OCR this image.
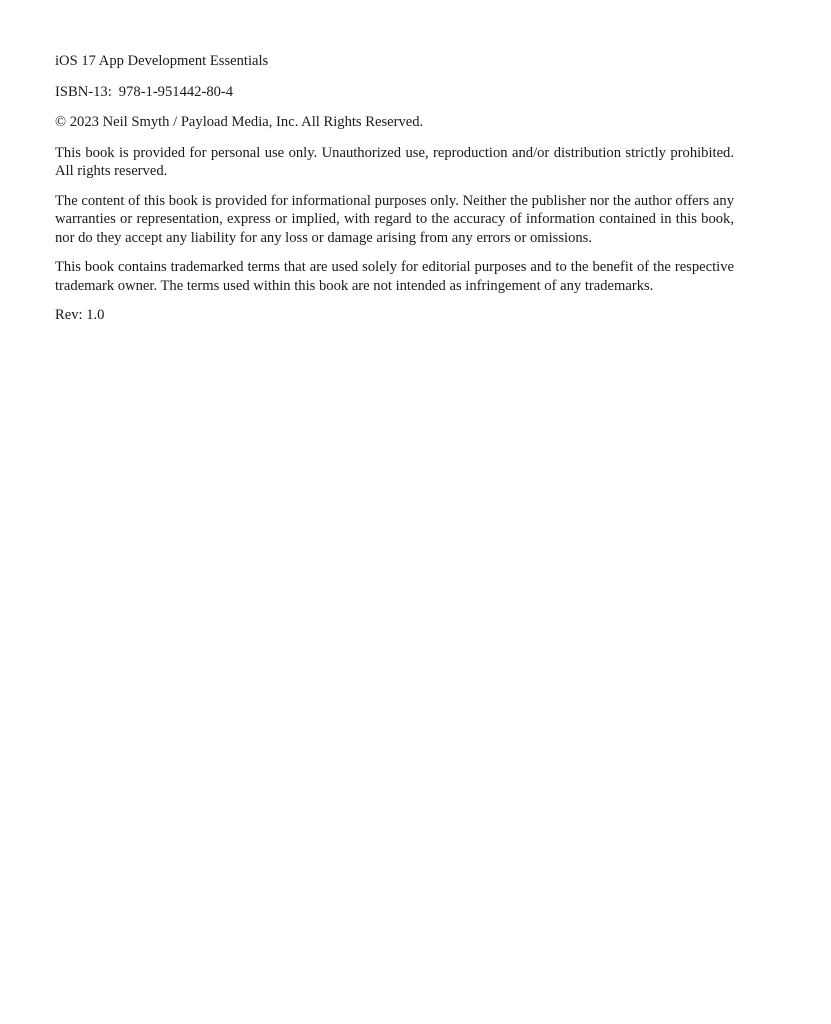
iOS 17 App Development Essentials

ISBN-13: 978-1-951442-80-4

© 2023 Neil Smyth / Payload Media, Inc. All Rights Reserved.

This book is provided for personal use only. Unauthorized use, reproduction and/or distribution strictly prohibited. All rights reserved.

The content of this book is provided for informational purposes only. Neither the publisher nor the author offers any warranties or representation, express or implied, with regard to the accuracy of information contained in this book, nor do they accept any liability for any loss or damage arising from any errors or omissions.

This book contains trademarked terms that are used solely for editorial purposes and to the benefit of the respective trademark owner. The terms used within this book are not intended as infringement of any trademarks.

Rev: 1.0
